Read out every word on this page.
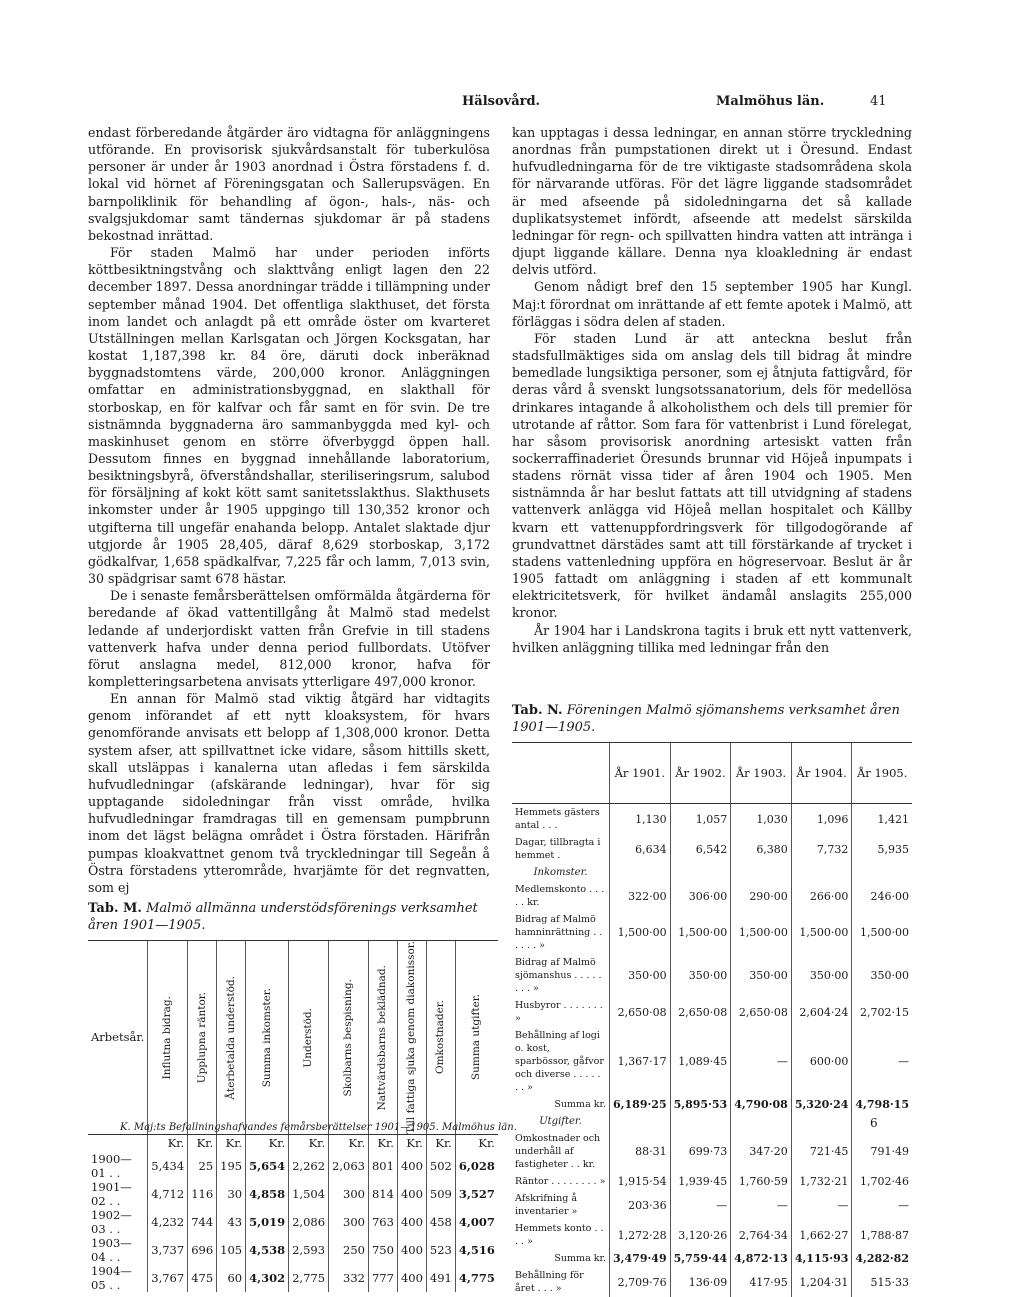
Hälsovård.	Malmöhus län.	41

endast förberedande åtgärder äro vidtagna för anläggningens utförande. En provisorisk sjukvårdsanstalt för tuberkulösa personer är under år 1903 anordnad i Östra förstadens f. d. lokal vid hörnet af Föreningsgatan och Sallerupsvägen. En barnpoliklinik för behandling af ögon-, hals-, näs- och svalgsjukdomar samt tändernas sjukdomar är på stadens bekostnad inrättad.

För staden Malmö har under perioden införts köttbesiktningstvång och slakttvång enligt lagen den 22 december 1897. Dessa anordningar trädde i tillämpning under september månad 1904. Det offentliga slakthuset, det första inom landet och anlagdt på ett område öster om kvarteret Utställningen mellan Karlsgatan och Jörgen Kocksgatan, har kostat 1,187,398 kr. 84 öre, däruti dock inberäknad byggnadstomtens värde, 200,000 kronor. Anläggningen omfattar en administrationsbyggnad, en slakthall för storboskap, en för kalfvar och får samt en för svin. De tre sistnämnda byggnaderna äro sammanbyggda med kyl- och maskinhuset genom en större öfverbyggd öppen hall. Dessutom finnes en byggnad innehållande laboratorium, besiktningsbyrå, öfverståndshallar, steriliseringsrum, salubod för försäljning af kokt kött samt sanitetsslakthus. Slakthusets inkomster under år 1905 uppgingo till 130,352 kronor och utgifterna till ungefär enahanda belopp. Antalet slaktade djur utgjorde år 1905 28,405, däraf 8,629 storboskap, 3,172 gödkalfvar, 1,658 spädkalfvar, 7,225 får och lamm, 7,013 svin, 30 spädgrisar samt 678 hästar.

De i senaste femårsberättelsen omförmälda åtgärderna för beredande af ökad vattentillgång åt Malmö stad medelst ledande af underjordiskt vatten från Grefvie in till stadens vattenverk hafva under denna period fullbordats. Utöfver förut anslagna medel, 812,000 kronor, hafva för kompletteringsarbetena anvisats ytterligare 497,000 kronor.

En annan för Malmö stad viktig åtgärd har vidtagits genom införandet af ett nytt kloaksystem, för hvars genomförande anvisats ett belopp af 1,308,000 kronor. Detta system afser, att spillvattnet icke vidare, såsom hittills skett, skall utsläppas i kanalerna utan afledas i fem särskilda hufvudledningar (afskärande ledningar), hvar för sig upptagande sidoledningar från visst område, hvilka hufvudledningar framdragas till en gemensam pumpbrunn inom det lägst belägna området i Östra förstaden. Härifrån pumpas kloakvattnet genom två tryckledningar till Segeån å Östra förstadens ytterområde, hvarjämte för det regnvatten, som ej

kan upptagas i dessa ledningar, en annan större tryckledning anordnas från pumpstationen direkt ut i Öresund. Endast hufvudledningarna för de tre viktigaste stadsområdena skola för närvarande utföras. För det lägre liggande stadsområdet är med afseende på sidoledningarna det så kallade duplikatsystemet infördt, afseende att medelst särskilda ledningar för regn- och spillvatten hindra vatten att intränga i djupt liggande källare. Denna nya kloakledning är endast delvis utförd.

Genom nådigt bref den 15 september 1905 har Kungl. Maj:t förordnat om inrättande af ett femte apotek i Malmö, att förläggas i södra delen af staden.

För staden Lund är att anteckna beslut från stadsfullmäktiges sida om anslag dels till bidrag åt mindre bemedlade lungsiktiga personer, som ej åtnjuta fattigvård, för deras vård å svenskt lungsotssanatorium, dels för medellösa drinkares intagande å alkoholisthem och dels till premier för utrotande af råttor. Som fara för vattenbrist i Lund förelegat, har såsom provisorisk anordning artesiskt vatten från sockerraffinaderiet Öresunds brunnar vid Höjeå inpumpats i stadens rörnät vissa tider af åren 1904 och 1905. Men sistnämnda år har beslut fattats att till utvidgning af stadens vattenverk anlägga vid Höjeå mellan hospitalet och Källby kvarn ett vattenuppfordringsverk för tillgodogörande af grundvattnet därstädes samt att till förstärkande af trycket i stadens vattenledning uppföra en högreservoar. Beslut är år 1905 fattadt om anläggning i staden af ett kommunalt elektricitetsverk, för hvilket ändamål anslagits 255,000 kronor.

År 1904 har i Landskrona tagits i bruk ett nytt vattenverk, hvilken anläggning tillika med ledningar från den

Tab. N. Föreningen Malmö sjömanshems verksamhet åren 1901—1905.
	År 1901.	År 1902.	År 1903.	År 1904.	År 1905.
Hemmets gästers antal . . .	1,130	1,057	1,030	1,096	1,421
Dagar, tillbragta i hemmet .	6,634	6,542	6,380	7,732	5,935
Inkomster.					
Medlemskonto . . . . . kr.	322·00	306·00	290·00	266·00	246·00
Bidrag af Malmö hamninrättning . . . . . . »	1,500·00	1,500·00	1,500·00	1,500·00	1,500·00
Bidrag af Malmö sjömanshus . . . . . . . . »	350·00	350·00	350·00	350·00	350·00
Husbyror . . . . . . . »	2,650·08	2,650·08	2,650·08	2,604·24	2,702·15
Behållning af logi o. kost, sparbössor, gåfvor och diverse . . . . . . . »	1,367·17	1,089·45	—	600·00	—
Summa kr.	6,189·25	5,895·53	4,790·08	5,320·24	4,798·15
Utgifter.					
Omkostnader och underhåll af fastigheter . . kr.	88·31	699·73	347·20	721·45	791·49
Räntor . . . . . . . . »	1,915·54	1,939·45	1,760·59	1,732·21	1,702·46
Afskrifning å inventarier »	203·36	—	—	—	—
Hemmets konto . . . . »	1,272·28	3,120·26	2,764·34	1,662·27	1,788·87
Summa kr.	3,479·49	5,759·44	4,872·13	4,115·93	4,282·82
Behållning för året . . . »	2,709·76	136·09	417·95	1,204·31	515·33
Tab. M. Malmö allmänna understödsförenings verksamhet åren 1901—1905.
Arbetsår.	Influtna bidrag.	Upplupna räntor.	Återbetalda understöd.	Summa inkomster.	Understöd.	Skolbarns bespisning.	Nattvärdsbarns beklädnad.	Till fattiga sjuka genom diakonissor.	Omkostnader.	Summa utgifter.

	Kr.	Kr.	Kr.	Kr.	Kr.	Kr.	Kr.	Kr.	Kr.	Kr.
1900—01 . .	5,434	25	195	5,654	2,262	2,063	801	400	502	6,028
1901—02 . .	4,712	116	30	4,858	1,504	300	814	400	509	3,527
1902—03 . .	4,232	744	43	5,019	2,086	300	763	400	458	4,007
1903—04 . .	3,737	696	105	4,538	2,593	250	750	400	523	4,516
1904—05 . .	3,767	475	60	4,302	2,775	332	777	400	491	4,775
K. Maj:ts Befallningshafvandes femårsberättelser 1901—1905. Malmöhus län.	6
